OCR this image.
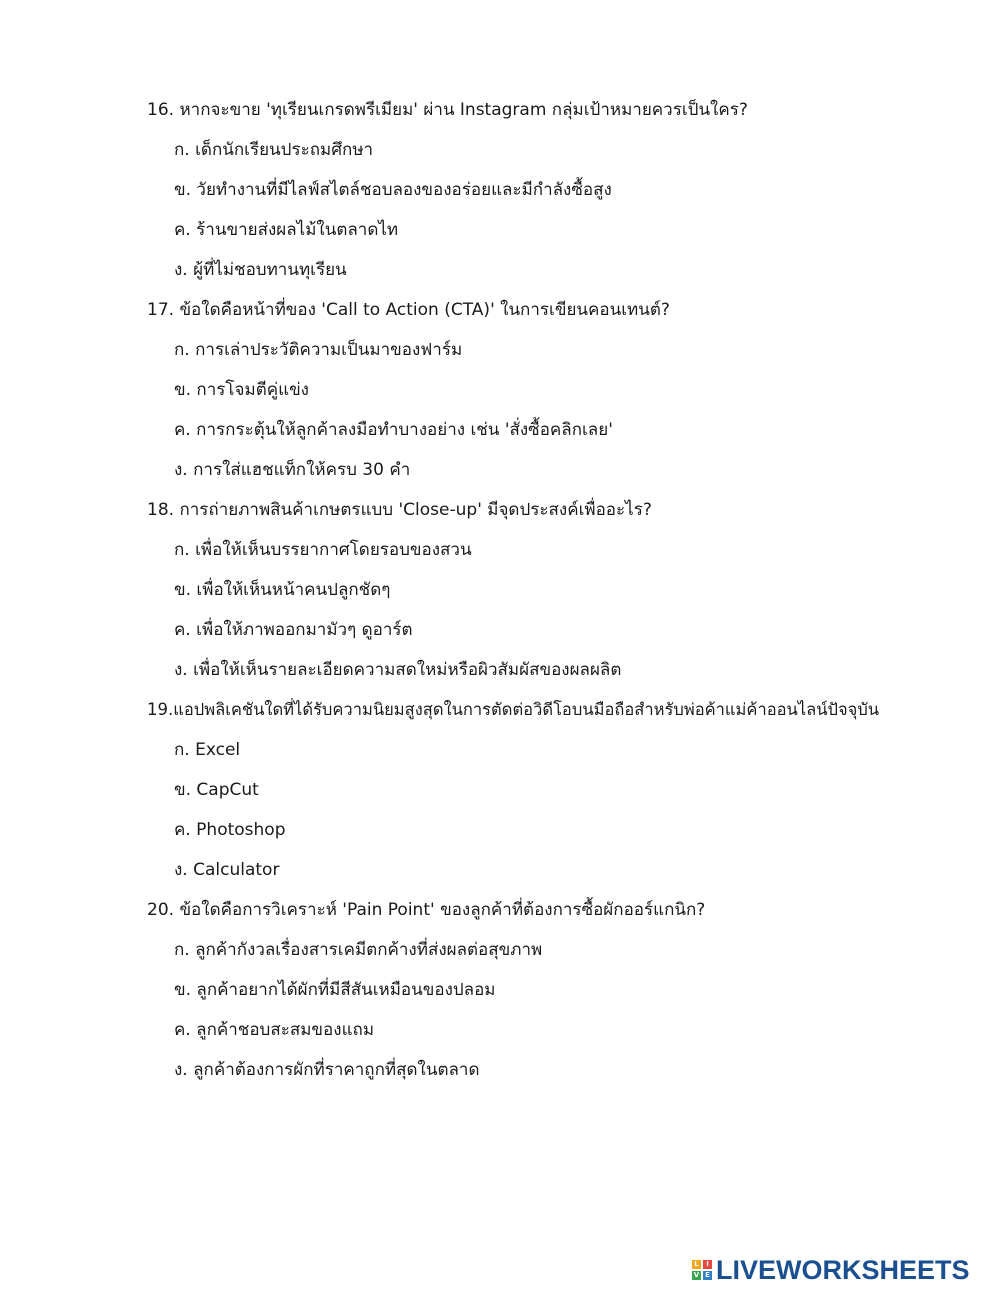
16. หากจะขาย 'ทุเรียนเกรดพรีเมียม' ผ่าน Instagram กลุ่มเป้าหมายควรเป็นใคร?
ก. เด็กนักเรียนประถมศึกษา
ข. วัยทำงานที่มีไลฟ์สไตล์ชอบลองของอร่อยและมีกำลังซื้อสูง
ค. ร้านขายส่งผลไม้ในตลาดไท
ง. ผู้ที่ไม่ชอบทานทุเรียน
17. ข้อใดคือหน้าที่ของ 'Call to Action (CTA)' ในการเขียนคอนเทนต์?
ก. การเล่าประวัติความเป็นมาของฟาร์ม
ข. การโจมตีคู่แข่ง
ค. การกระตุ้นให้ลูกค้าลงมือทำบางอย่าง เช่น 'สั่งซื้อคลิกเลย'
ง. การใส่แฮชแท็กให้ครบ 30 คำ
18. การถ่ายภาพสินค้าเกษตรแบบ 'Close-up' มีจุดประสงค์เพื่ออะไร?
ก. เพื่อให้เห็นบรรยากาศโดยรอบของสวน
ข. เพื่อให้เห็นหน้าคนปลูกชัดๆ
ค. เพื่อให้ภาพออกมามัวๆ ดูอาร์ต
ง. เพื่อให้เห็นรายละเอียดความสดใหม่หรือผิวสัมผัสของผลผลิต
19.แอปพลิเคชันใดที่ได้รับความนิยมสูงสุดในการตัดต่อวิดีโอบนมือถือสำหรับพ่อค้าแม่ค้าออนไลน์ปัจจุบัน
ก. Excel
ข. CapCut
ค. Photoshop
ง. Calculator
20. ข้อใดคือการวิเคราะห์ 'Pain Point' ของลูกค้าที่ต้องการซื้อผักออร์แกนิก?
ก. ลูกค้ากังวลเรื่องสารเคมีตกค้างที่ส่งผลต่อสุขภาพ
ข. ลูกค้าอยากได้ผักที่มีสีสันเหมือนของปลอม
ค. ลูกค้าชอบสะสมของแถม
ง. ลูกค้าต้องการผักที่ราคาถูกที่สุดในตลาด
L	I
V E LIVEWORKSHEETS
